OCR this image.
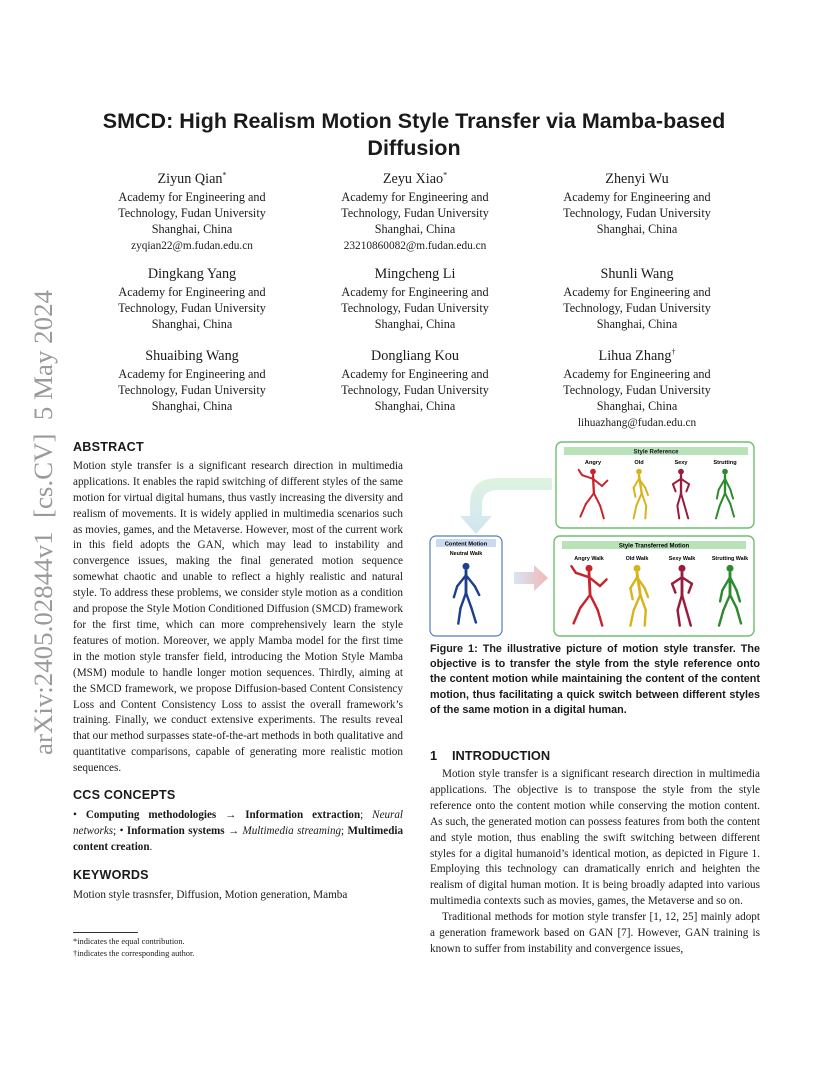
arXiv:2405.02844v1  [cs.CV]  5 May 2024
SMCD: High Realism Motion Style Transfer via Mamba-based Diffusion
Ziyun Qian*
Academy for Engineering and
Technology, Fudan University
Shanghai, China
zyqian22@m.fudan.edu.cn
Zeyu Xiao*
Academy for Engineering and
Technology, Fudan University
Shanghai, China
23210860082@m.fudan.edu.cn
Zhenyi Wu
Academy for Engineering and
Technology, Fudan University
Shanghai, China
Dingkang Yang
Academy for Engineering and
Technology, Fudan University
Shanghai, China
Mingcheng Li
Academy for Engineering and
Technology, Fudan University
Shanghai, China
Shunli Wang
Academy for Engineering and
Technology, Fudan University
Shanghai, China
Shuaibing Wang
Academy for Engineering and
Technology, Fudan University
Shanghai, China
Dongliang Kou
Academy for Engineering and
Technology, Fudan University
Shanghai, China
Lihua Zhang†
Academy for Engineering and
Technology, Fudan University
Shanghai, China
lihuazhang@fudan.edu.cn
ABSTRACT
Motion style transfer is a significant research direction in multimedia applications. It enables the rapid switching of different styles of the same motion for virtual digital humans, thus vastly increasing the diversity and realism of movements. It is widely applied in multimedia scenarios such as movies, games, and the Metaverse. However, most of the current work in this field adopts the GAN, which may lead to instability and convergence issues, making the final generated motion sequence somewhat chaotic and unable to reflect a highly realistic and natural style. To address these problems, we consider style motion as a condition and propose the Style Motion Conditioned Diffusion (SMCD) framework for the first time, which can more comprehensively learn the style features of motion. Moreover, we apply Mamba model for the first time in the motion style transfer field, introducing the Motion Style Mamba (MSM) module to handle longer motion sequences. Thirdly, aiming at the SMCD framework, we propose Diffusion-based Content Consistency Loss and Content Consistency Loss to assist the overall framework’s training. Finally, we conduct extensive experiments. The results reveal that our method surpasses state-of-the-art methods in both qualitative and quantitative comparisons, capable of generating more realistic motion sequences.
CCS CONCEPTS
• Computing methodologies → Information extraction; Neural networks; • Information systems → Multimedia streaming; Multimedia content creation.
KEYWORDS
Motion style trasnsfer, Diffusion, Motion generation, Mamba
*indicates the equal contribution.
†indicates the corresponding author.
Style Reference
Angry	Old	Sexy	Strutting
Content Motion
Neutral Walk
Style Transferred Motion
Angry Walk	Old Walk	Sexy Walk	Strutting Walk
Figure 1: The illustrative picture of motion style transfer. The objective is to transfer the style from the style reference onto the content motion while maintaining the content of the content motion, thus facilitating a quick switch between different styles of the same motion in a digital human.
1 INTRODUCTION
Motion style transfer is a significant research direction in multimedia applications. The objective is to transpose the style from the style reference onto the content motion while conserving the motion content. As such, the generated motion can possess features from both the content and style motion, thus enabling the swift switching between different styles for a digital humanoid’s identical motion, as depicted in Figure 1. Employing this technology can dramatically enrich and heighten the realism of digital human motion. It is being broadly adapted into various multimedia contexts such as movies, games, the Metaverse and so on.
Traditional methods for motion style transfer [1, 12, 25] mainly adopt a generation framework based on GAN [7]. However, GAN training is known to suffer from instability and convergence issues,
